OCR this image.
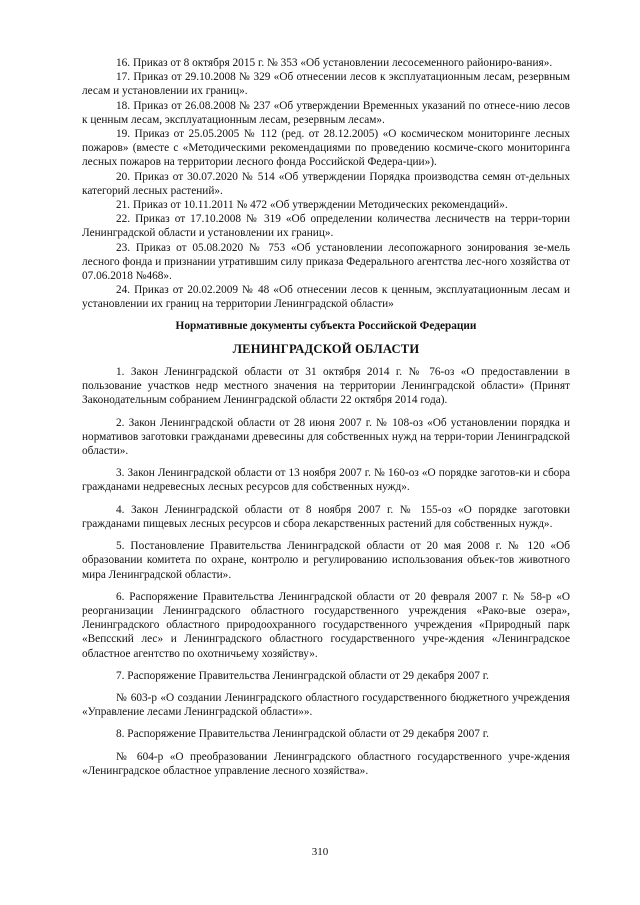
16. Приказ от 8 октября 2015 г. № 353 «Об установлении лесосеменного райониро-вания».

17. Приказ от 29.10.2008 № 329 «Об отнесении лесов к эксплуатационным лесам, резервным лесам и установлении их границ».

18. Приказ от 26.08.2008 № 237 «Об утверждении Временных указаний по отнесе-нию лесов к ценным лесам, эксплуатационным лесам, резервным лесам».

19. Приказ от 25.05.2005 № 112 (ред. от 28.12.2005) «О космическом мониторинге лесных пожаров» (вместе с «Методическими рекомендациями по проведению космиче-ского мониторинга лесных пожаров на территории лесного фонда Российской Федера-ции»).

20. Приказ от 30.07.2020 № 514 «Об утверждении Порядка производства семян от-дельных категорий лесных растений».

21. Приказ от 10.11.2011 № 472 «Об утверждении Методических рекомендаций».

22. Приказ от 17.10.2008 № 319 «Об определении количества лесничеств на терри-тории Ленинградской области и установлении их границ».

23. Приказ от 05.08.2020 № 753 «Об установлении лесопожарного зонирования зе-мель лесного фонда и признании утратившим силу приказа Федерального агентства лес-ного хозяйства от 07.06.2018 №468».

24. Приказ от 20.02.2009 № 48 «Об отнесении лесов к ценным, эксплуатационным лесам и установлении их границ на территории Ленинградской области»

Нормативные документы субъекта Российской Федерации

ЛЕНИНГРАДСКОЙ ОБЛАСТИ

1. Закон Ленинградской области от 31 октября 2014 г. № 76-оз «О предоставлении в пользование участков недр местного значения на территории Ленинградской области» (Принят Законодательным собранием Ленинградской области 22 октября 2014 года).

2. Закон Ленинградской области от 28 июня 2007 г. № 108-оз «Об установлении порядка и нормативов заготовки гражданами древесины для собственных нужд на терри-тории Ленинградской области».

3. Закон Ленинградской области от 13 ноября 2007 г. № 160-оз «О порядке заготов-ки и сбора гражданами недревесных лесных ресурсов для собственных нужд».

4. Закон Ленинградской области от 8 ноября 2007 г. № 155-оз «О порядке заготовки гражданами пищевых лесных ресурсов и сбора лекарственных растений для собственных нужд».

5. Постановление Правительства Ленинградской области от 20 мая 2008 г. № 120 «Об образовании комитета по охране, контролю и регулированию использования объек-тов животного мира Ленинградской области».

6. Распоряжение Правительства Ленинградской области от 20 февраля 2007 г. № 58-р «О реорганизации Ленинградского областного государственного учреждения «Рако-вые озера», Ленинградского областного природоохранного государственного учреждения «Природный парк «Вепсский лес» и Ленинградского областного государственного учре-ждения «Ленинградское областное агентство по охотничьему хозяйству».

7. Распоряжение Правительства Ленинградской области от 29 декабря 2007 г.

№ 603-р «О создании Ленинградского областного государственного бюджетного учреждения «Управление лесами Ленинградской области»».

8. Распоряжение Правительства Ленинградской области от 29 декабря 2007 г.

№ 604-р «О преобразовании Ленинградского областного государственного учре-ждения «Ленинградское областное управление лесного хозяйства».

310
